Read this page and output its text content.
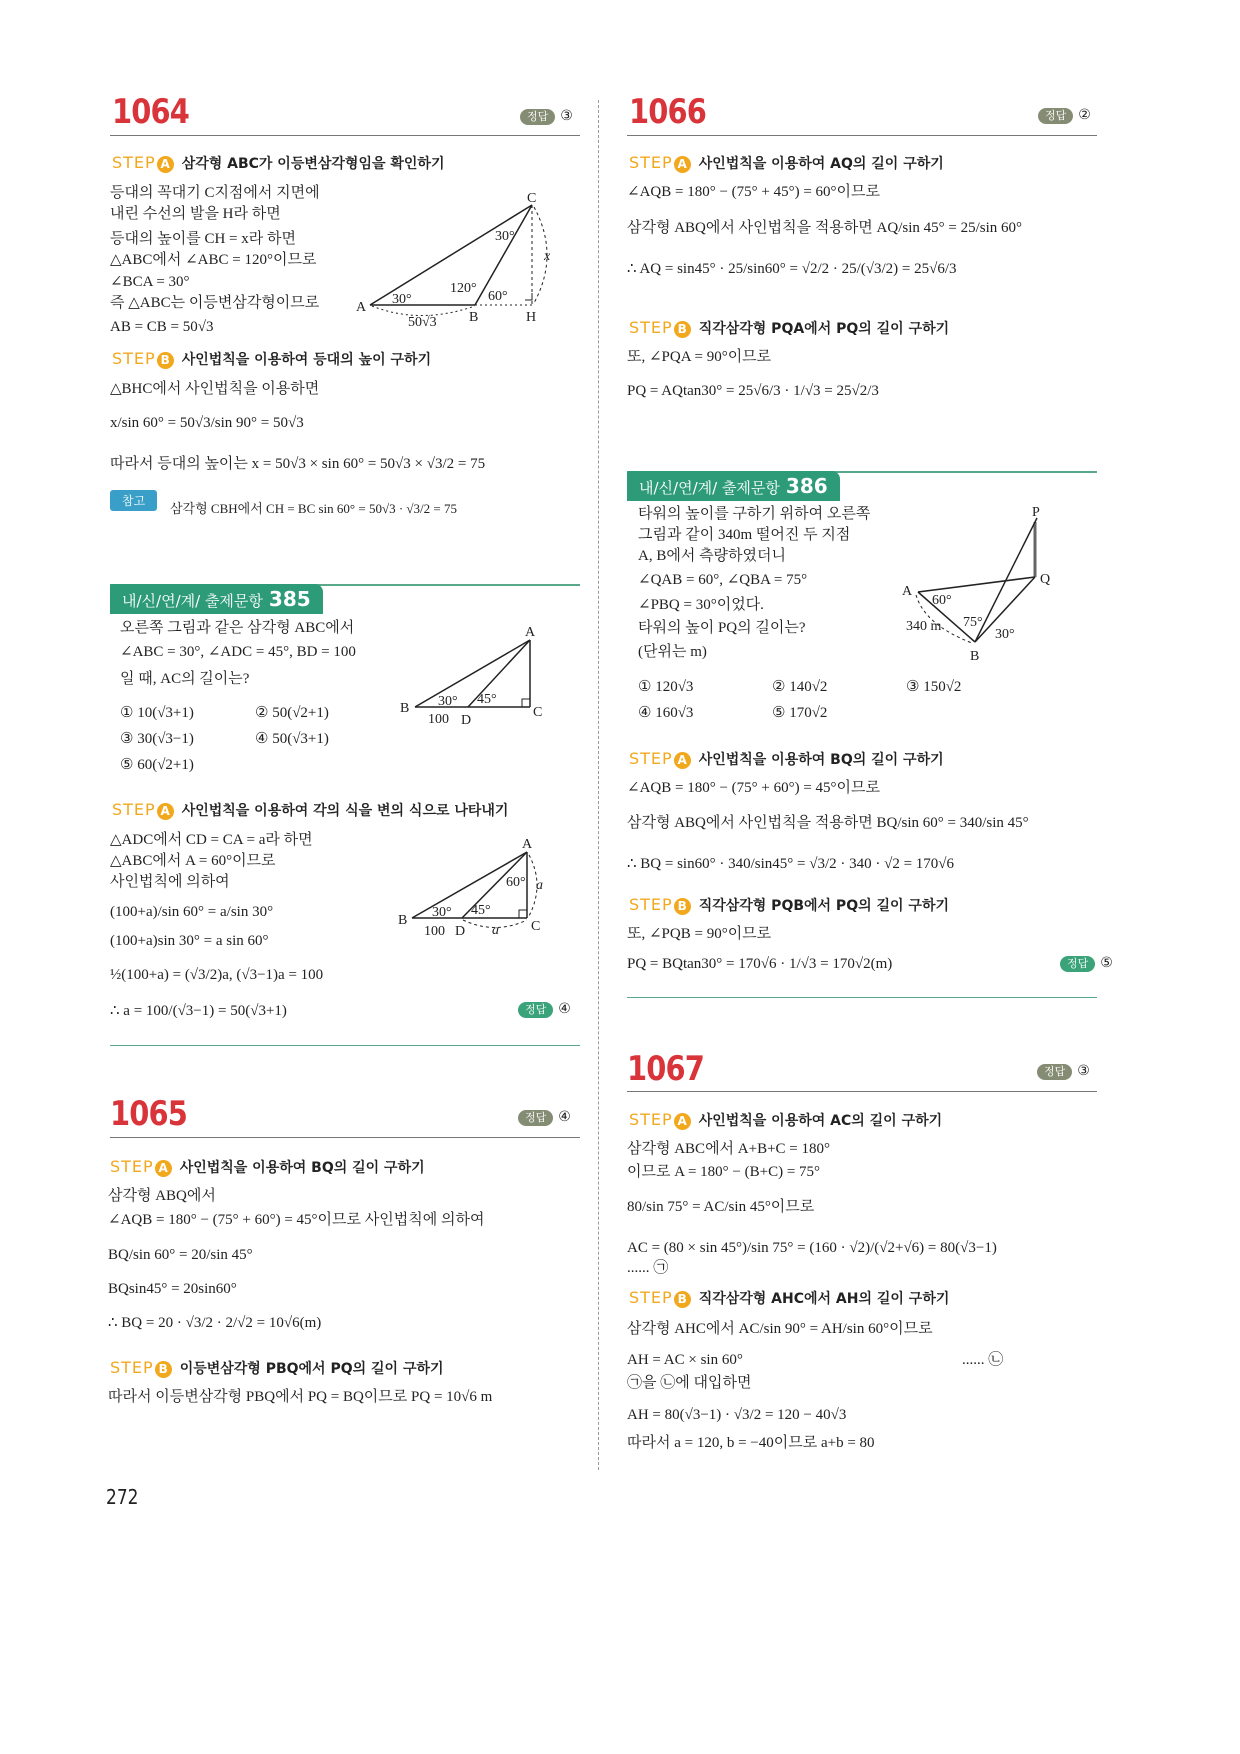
1064	정답 ③
STEP A 삼각형 ABC가 이등변삼각형임을 확인하기
등대의 꼭대기 C지점에서 지면에
내린 수선의 발을 H라 하면
등대의 높이를 CH = x라 하면
△ABC에서 ∠ABC = 120°이므로
∠BCA = 30°
즉 △ABC는 이등변삼각형이므로
AB = CB = 50√3
C
A
B	H
x
30°
30°
120°
60°
50√3
STEP B 사인법칙을 이용하여 등대의 높이 구하기
△BHC에서 사인법칙을 이용하면
x/sin 60° = 50√3/sin 90° = 50√3
따라서 등대의 높이는 x = 50√3 × sin 60° = 50√3 × √3/2 = 75
참고	삼각형 CBH에서 CH = BC sin 60° = 50√3 · √3/2 = 75
내/신/연/계/ 출제문항 385
오른쪽 그림과 같은 삼각형 ABC에서
∠ABC = 30°, ∠ADC = 45°, BD = 100
일 때, AC의 길이는?
① 10(√3+1)	② 50(√2+1)
③ 30(√3−1)	④ 50(√3+1)
⑤ 60(√2+1)
A
B	C
D
30° 45°
100
STEP A 사인법칙을 이용하여 각의 식을 변의 식으로 나타내기
△ADC에서 CD = CA = a라 하면
△ABC에서 A = 60°이므로
사인법칙에 의하여
(100+a)/sin 60° = a/sin 30°
(100+a)sin 30° = a sin 60°
½(100+a) = (√3/2)a, (√3−1)a = 100
∴ a = 100/(√3−1) = 50(√3+1)
A
B	C
D
30° 45°
60°
100
a
a
정답 ④
1065	정답 ④
STEP A 사인법칙을 이용하여 BQ의 길이 구하기
삼각형 ABQ에서
∠AQB = 180° − (75° + 60°) = 45°이므로 사인법칙에 의하여
BQ/sin 60° = 20/sin 45°
BQsin45° = 20sin60°
∴ BQ = 20 · √3/2 · 2/√2 = 10√6(m)
STEP B 이등변삼각형 PBQ에서 PQ의 길이 구하기
따라서 이등변삼각형 PBQ에서 PQ = BQ이므로 PQ = 10√6 m
272
1066	정답 ②
STEP A 사인법칙을 이용하여 AQ의 길이 구하기
∠AQB = 180° − (75° + 45°) = 60°이므로
삼각형 ABQ에서 사인법칙을 적용하면 AQ/sin 45° = 25/sin 60°
∴ AQ = sin45° · 25/sin60° = √2/2 · 25/(√3/2) = 25√6/3
STEP B 직각삼각형 PQA에서 PQ의 길이 구하기
또, ∠PQA = 90°이므로
PQ = AQtan30° = 25√6/3 · 1/√3 = 25√2/3
내/신/연/계/ 출제문항 386
타워의 높이를 구하기 위하여 오른쪽
그림과 같이 340m 떨어진 두 지점
A, B에서 측량하였더니
∠QAB = 60°, ∠QBA = 75°
∠PBQ = 30°이었다.
타워의 높이 PQ의 길이는?
(단위는 m)
P
Q
A
B
60°
75°
30°
340 m
① 120√3	② 140√2	③ 150√2
④ 160√3	⑤ 170√2
STEP A 사인법칙을 이용하여 BQ의 길이 구하기
∠AQB = 180° − (75° + 60°) = 45°이므로
삼각형 ABQ에서 사인법칙을 적용하면 BQ/sin 60° = 340/sin 45°
∴ BQ = sin60° · 340/sin45° = √3/2 · 340 · √2 = 170√6
STEP B 직각삼각형 PQB에서 PQ의 길이 구하기
또, ∠PQB = 90°이므로
PQ = BQtan30° = 170√6 · 1/√3 = 170√2(m)	정답 ⑤
1067	정답 ③
STEP A 사인법칙을 이용하여 AC의 길이 구하기
삼각형 ABC에서 A+B+C = 180°
이므로 A = 180° − (B+C) = 75°
80/sin 75° = AC/sin 45°이므로
AC = (80 × sin 45°)/sin 75° = (160 · √2)/(√2+√6) = 80(√3−1)
...... ㉠
STEP B 직각삼각형 AHC에서 AH의 길이 구하기
삼각형 AHC에서 AC/sin 90° = AH/sin 60°이므로
AH = AC × sin 60°	...... ㉡
㉠을 ㉡에 대입하면
AH = 80(√3−1) · √3/2 = 120 − 40√3
따라서 a = 120, b = −40이므로 a+b = 80
